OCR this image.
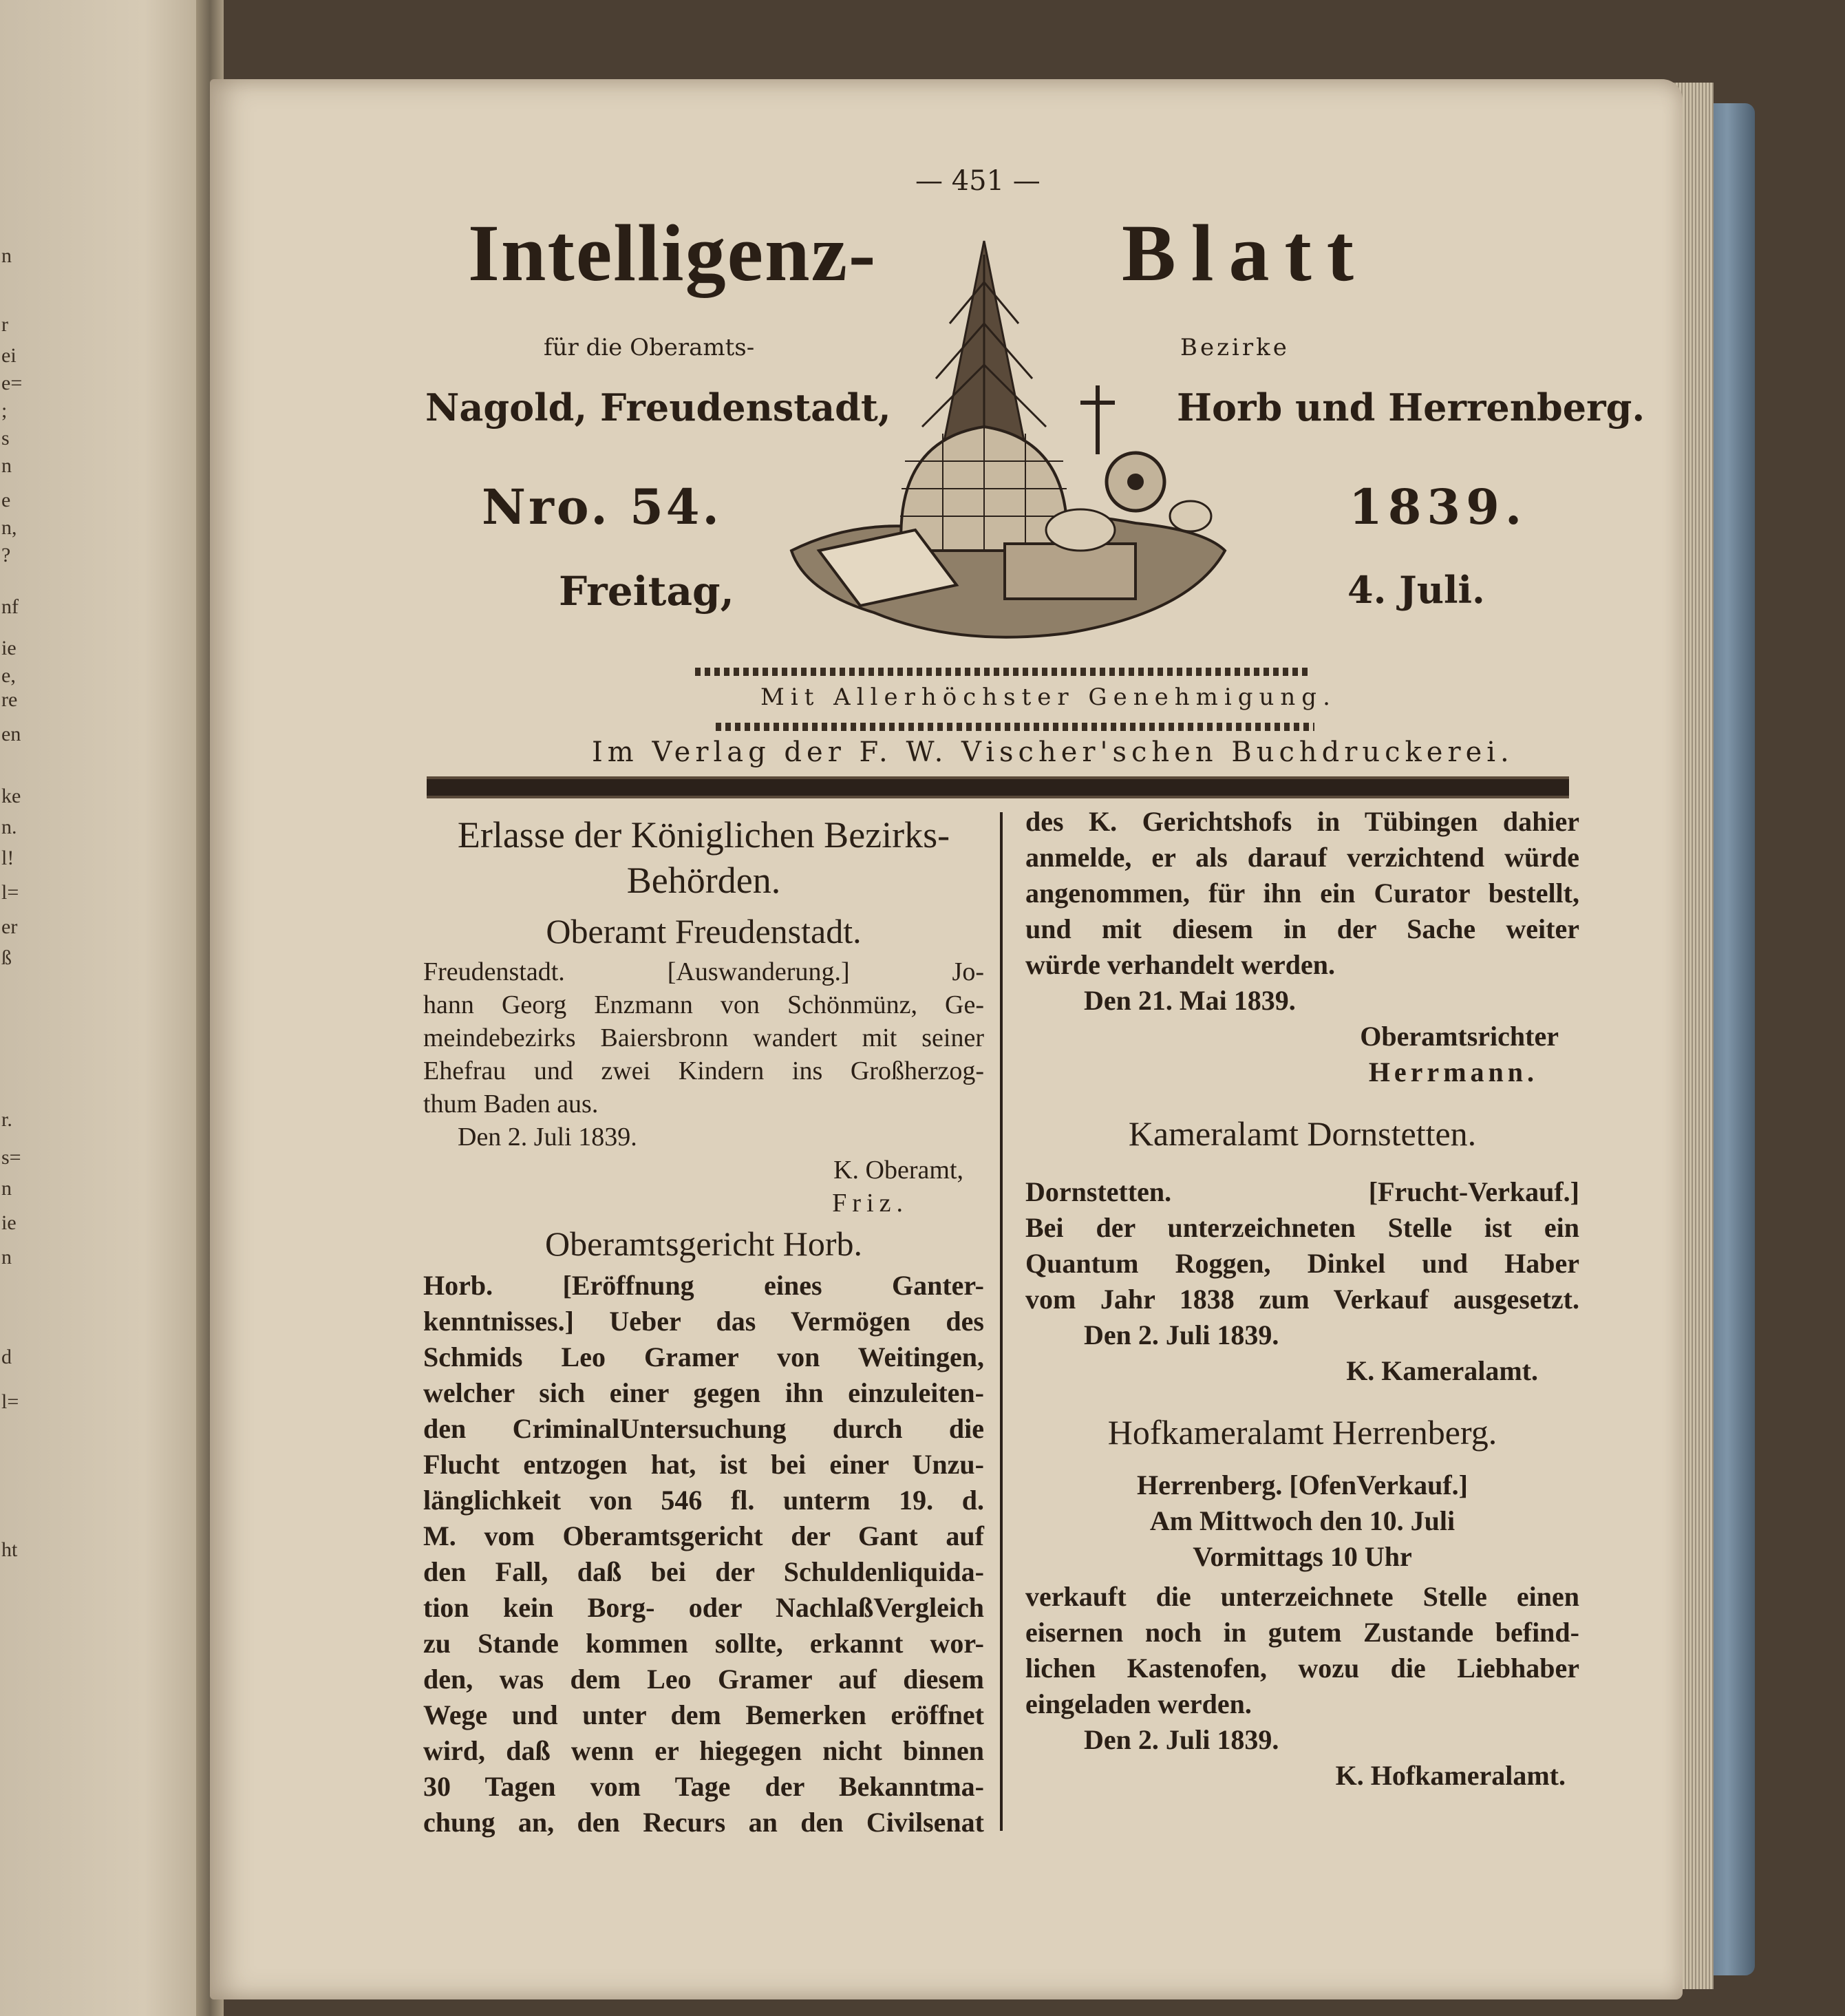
n
r
ei
e=
;
s
n
e
n,
?
nf
ie
e,
re
en
ke
n.
l!
l=
er
ß
r.
s=
n
ie
n
d
l=
ht
— 451 —
Intelligenz-	Blatt
für die Oberamts-	Bezirke
Nagold, Freudenstadt,	Horb und Herrenberg.
Nro. 54.	1839.
Freitag,	4. Juli.
Mit Allerhöchster Genehmigung.
Im Verlag der F. W. Vischer'schen Buchdruckerei.
Erlasse der Königlichen Bezirks-
Behörden.
Oberamt Freudenstadt.
Freudenstadt. [Auswanderung.] Jo-
hann Georg Enzmann von Schönmünz, Ge-
meindebezirks Baiersbronn wandert mit seiner
Ehefrau und zwei Kindern ins Großherzog-
thum Baden aus.
Den 2. Juli 1839.
K. Oberamt,
Friz.
Oberamtsgericht Horb.
Horb. [Eröffnung eines Ganter-
kenntnisses.] Ueber das Vermögen des
Schmids Leo Gramer von Weitingen,
welcher sich einer gegen ihn einzuleiten-
den CriminalUntersuchung durch die
Flucht entzogen hat, ist bei einer Unzu-
länglichkeit von 546 fl. unterm 19. d.
M. vom Oberamtsgericht der Gant auf
den Fall, daß bei der Schuldenliquida-
tion kein Borg- oder NachlaßVergleich
zu Stande kommen sollte, erkannt wor-
den, was dem Leo Gramer auf diesem
Wege und unter dem Bemerken eröffnet
wird, daß wenn er hiegegen nicht binnen
30 Tagen vom Tage der Bekanntma-
chung an, den Recurs an den Civilsenat
des K. Gerichtshofs in Tübingen dahier
anmelde, er als darauf verzichtend würde
angenommen, für ihn ein Curator bestellt,
und mit diesem in der Sache weiter
würde verhandelt werden.
Den 21. Mai 1839.
Oberamtsrichter
Herrmann.
Kameralamt Dornstetten.
Dornstetten. [Frucht-Verkauf.]
Bei der unterzeichneten Stelle ist ein
Quantum Roggen, Dinkel und Haber
vom Jahr 1838 zum Verkauf ausgesetzt.
Den 2. Juli 1839.
K. Kameralamt.
Hofkameralamt Herrenberg.
Herrenberg. [OfenVerkauf.]
Am Mittwoch den 10. Juli
Vormittags 10 Uhr
verkauft die unterzeichnete Stelle einen
eisernen noch in gutem Zustande befind-
lichen Kastenofen, wozu die Liebhaber
eingeladen werden.
Den 2. Juli 1839.
K. Hofkameralamt.
